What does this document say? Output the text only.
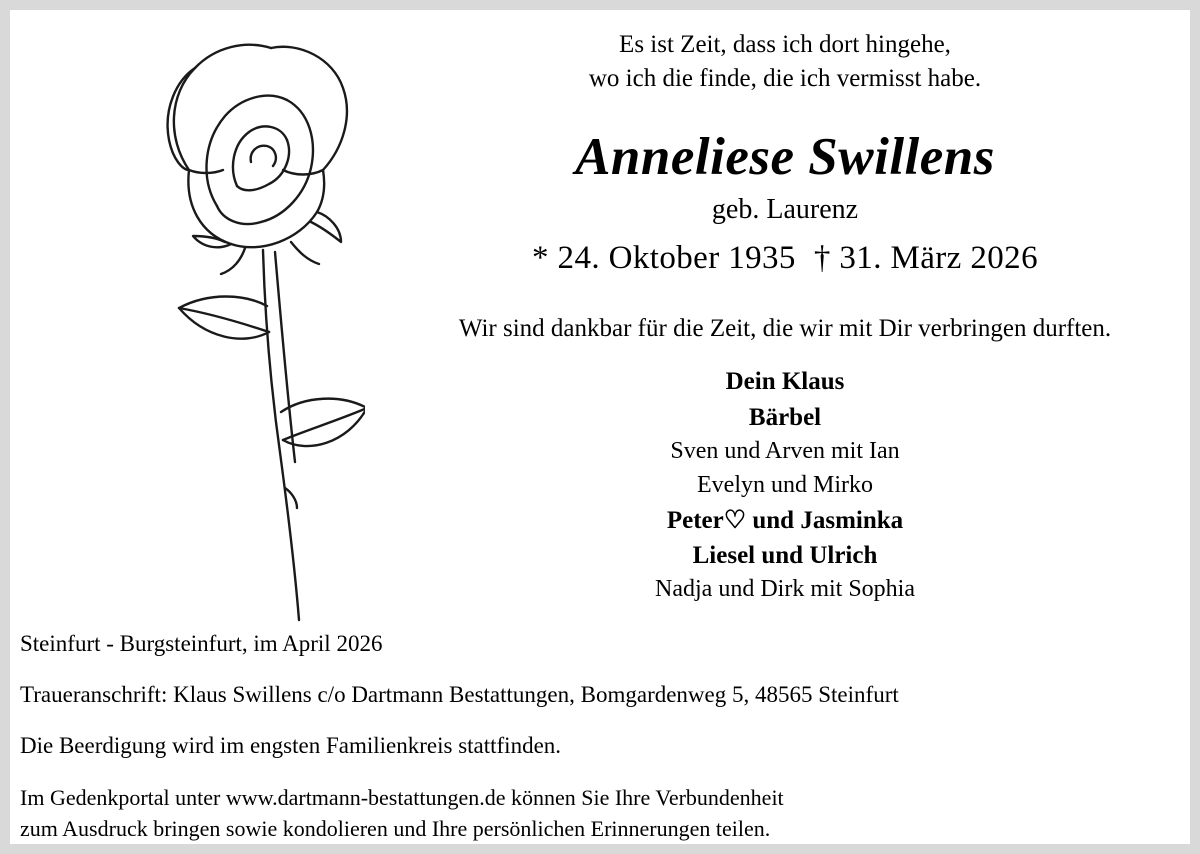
Es ist Zeit, dass ich dort hingehe,
wo ich die finde, die ich vermisst habe.
Anneliese Swillens
geb. Laurenz
* 24. Oktober 1935 † 31. März 2026
Wir sind dankbar für die Zeit, die wir mit Dir verbringen durften.
Dein Klaus
Bärbel
Sven und Arven mit Ian
Evelyn und Mirko
Peter♡ und Jasminka
Liesel und Ulrich
Nadja und Dirk mit Sophia
Steinfurt - Burgsteinfurt, im April 2026
Traueranschrift: Klaus Swillens c/o Dartmann Bestattungen, Bomgardenweg 5, 48565 Steinfurt
Die Beerdigung wird im engsten Familienkreis stattfinden.
Im Gedenkportal unter www.dartmann-bestattungen.de können Sie Ihre Verbundenheit
zum Ausdruck bringen sowie kondolieren und Ihre persönlichen Erinnerungen teilen.
